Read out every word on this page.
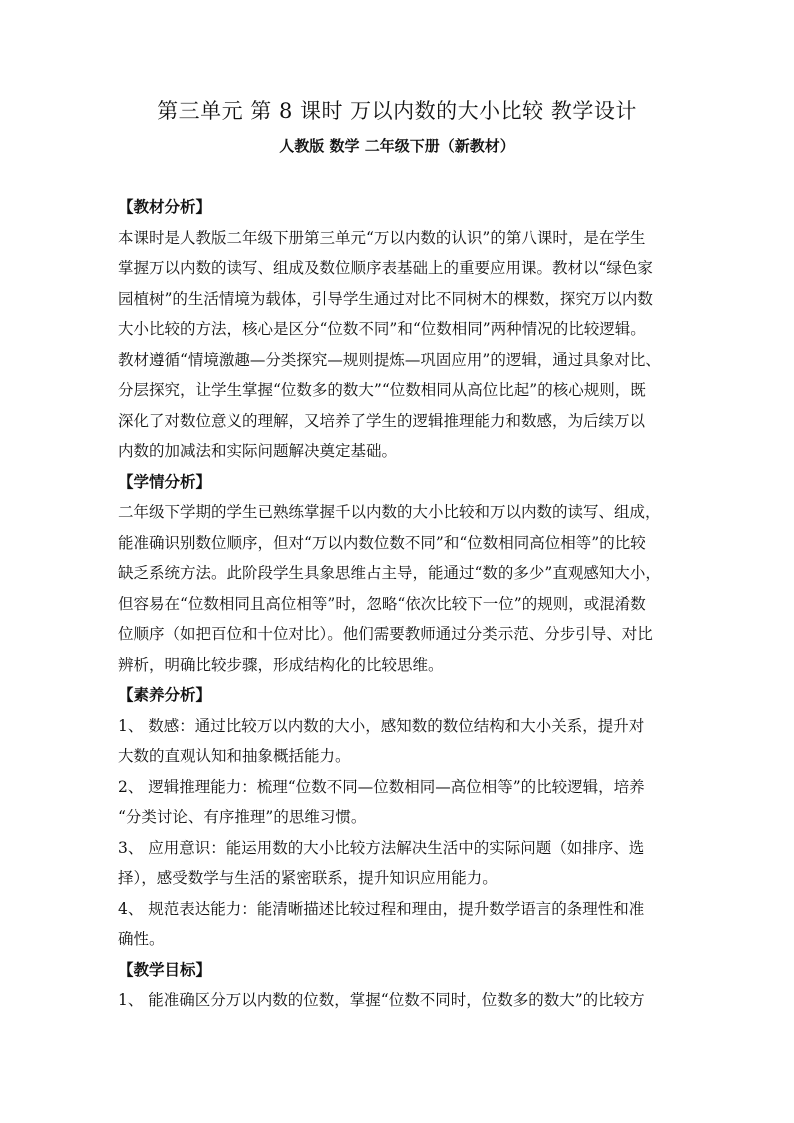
第三单元 第 8 课时 万以内数的大小比较 教学设计
人教版 数学 二年级下册（新教材）
【教材分析】
本课时是人教版二年级下册第三单元“万以内数的认识”的第八课时，是在学生
掌握万以内数的读写、组成及数位顺序表基础上的重要应用课。教材以“绿色家
园植树”的生活情境为载体，引导学生通过对比不同树木的棵数，探究万以内数
大小比较的方法，核心是区分“位数不同”和“位数相同”两种情况的比较逻辑。
教材遵循“情境激趣—分类探究—规则提炼—巩固应用”的逻辑，通过具象对比、
分层探究，让学生掌握“位数多的数大”“位数相同从高位比起”的核心规则，既
深化了对数位意义的理解，又培养了学生的逻辑推理能力和数感，为后续万以
内数的加减法和实际问题解决奠定基础。
【学情分析】
二年级下学期的学生已熟练掌握千以内数的大小比较和万以内数的读写、组成，
能准确识别数位顺序，但对“万以内数位数不同”和“位数相同高位相等”的比较
缺乏系统方法。此阶段学生具象思维占主导，能通过“数的多少”直观感知大小，
但容易在“位数相同且高位相等”时，忽略“依次比较下一位”的规则，或混淆数
位顺序（如把百位和十位对比）。他们需要教师通过分类示范、分步引导、对比
辨析，明确比较步骤，形成结构化的比较思维。
【素养分析】
1、 数感：通过比较万以内数的大小，感知数的数位结构和大小关系，提升对
大数的直观认知和抽象概括能力。
2、 逻辑推理能力：梳理“位数不同—位数相同—高位相等”的比较逻辑，培养
“分类讨论、有序推理”的思维习惯。
3、 应用意识：能运用数的大小比较方法解决生活中的实际问题（如排序、选
择），感受数学与生活的紧密联系，提升知识应用能力。
4、 规范表达能力：能清晰描述比较过程和理由，提升数学语言的条理性和准
确性。
【教学目标】
1、 能准确区分万以内数的位数，掌握“位数不同时，位数多的数大”的比较方
